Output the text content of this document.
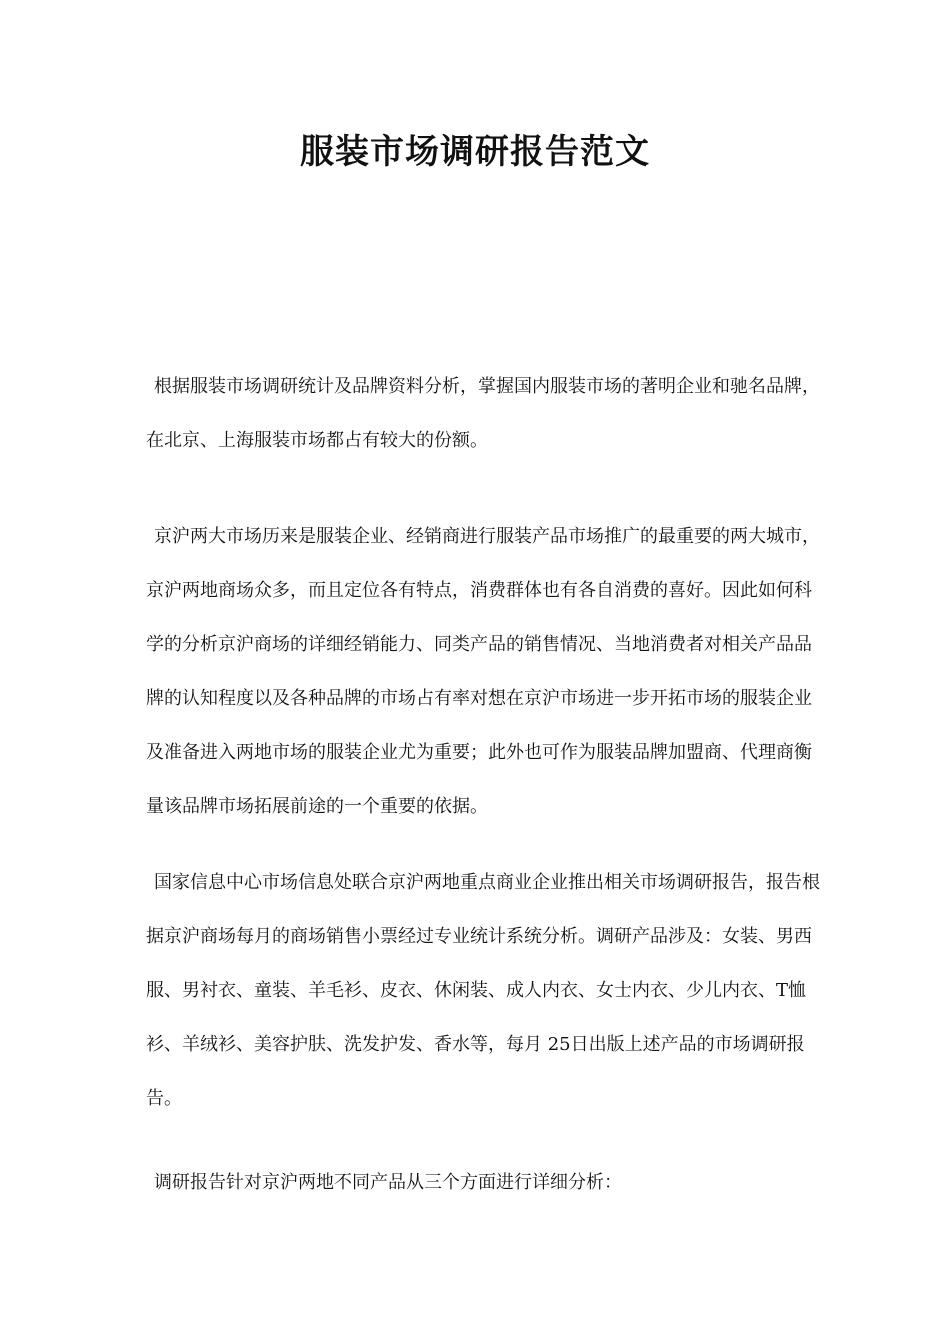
服装市场调研报告范文

根据服装市场调研统计及品牌资料分析，掌握国内服装市场的著明企业和驰名品牌，在北京、上海服装市场都占有较大的份额。

京沪两大市场历来是服装企业、经销商进行服装产品市场推广的最重要的两大城市，京沪两地商场众多，而且定位各有特点，消费群体也有各自消费的喜好。因此如何科学的分析京沪商场的详细经销能力、同类产品的销售情况、当地消费者对相关产品品牌的认知程度以及各种品牌的市场占有率对想在京沪市场进一步开拓市场的服装企业及准备进入两地市场的服装企业尤为重要；此外也可作为服装品牌加盟商、代理商衡量该品牌市场拓展前途的一个重要的依据。

国家信息中心市场信息处联合京沪两地重点商业企业推出相关市场调研报告，报告根据京沪商场每月的商场销售小票经过专业统计系统分析。调研产品涉及：女装、男西服、男衬衣、童装、羊毛衫、皮衣、休闲装、成人内衣、女士内衣、少儿内衣、T恤衫、羊绒衫、美容护肤、洗发护发、香水等，每月 25日出版上述产品的市场调研报告。

调研报告针对京沪两地不同产品从三个方面进行详细分析：
